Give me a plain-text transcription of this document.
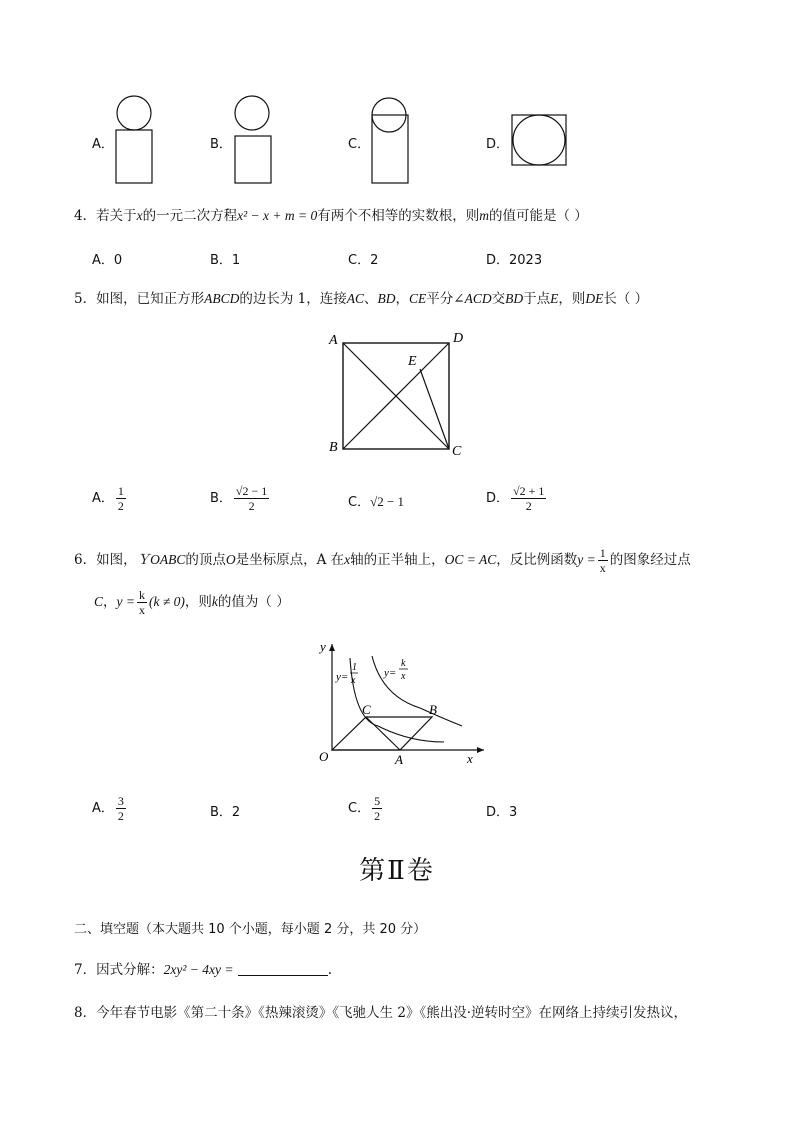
A．	B．	C．	D．
4．若关于x的一元二次方程x² − x + m = 0有两个不相等的实数根，则m的值可能是（ ）
A．0	B．1	C．2	D．2023
5．如图，已知正方形ABCD的边长为 1，连接AC、BD，CE平分∠ACD交BD于点E，则DE长（ ）
A	D
B	C
E
A． $\frac{1}{2}$	B． $\frac{√2 - 1}{2}$	C．√2 − 1	D． $\frac{√2 + 1}{2}$
6．如图，ＹOABC的顶点O是坐标原点，A 在x轴的正半轴上，OC = AC，反比例函数$y = \frac{1}{x}$ 的图象经过点
C，$y = \frac{k}{x} (k \ne 0)$，则k的值为（ ）
y
x
O	A
B
C
y=
1
x
y=
k
x
A． $\frac{3}{2}$	B．2	C． $\frac{5}{2}$	D．3
第Ⅱ卷
二、填空题（本大题共 10 个小题，每小题 2 分，共 20 分）
7．因式分解：2xy² − 4xy =	.
8．今年春节电影《第二十条》《热辣滚烫》《飞驰人生 2》《熊出没·逆转时空》在网络上持续引发热议，
